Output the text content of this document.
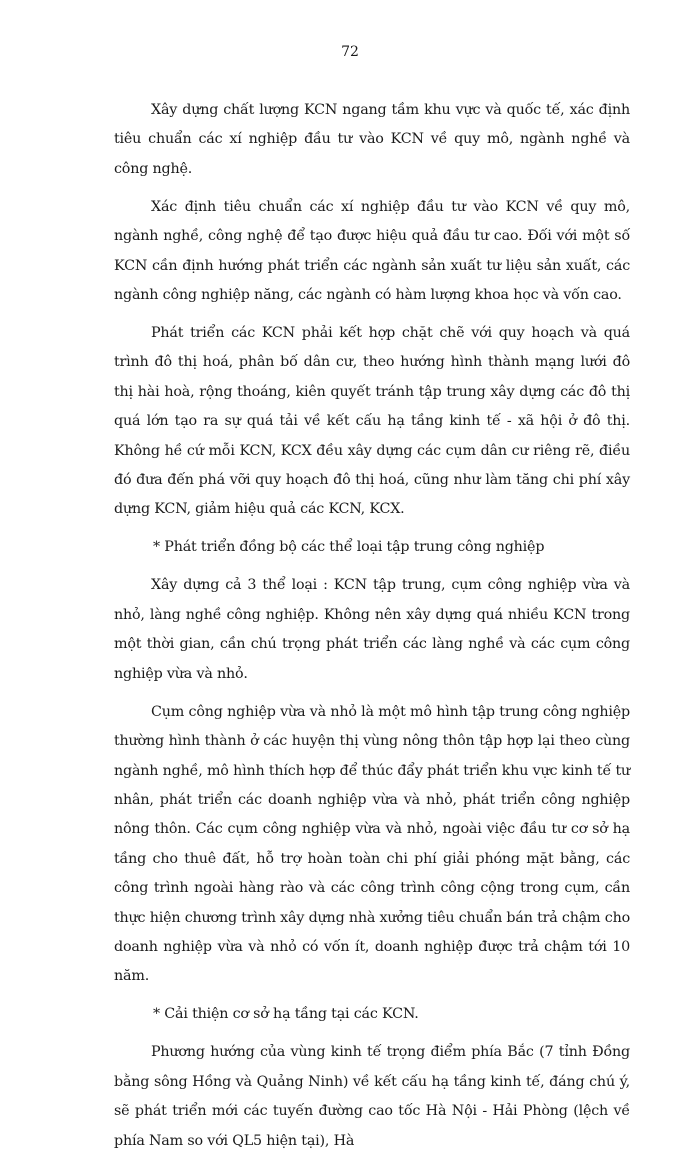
72

Xây dựng chất lượng KCN ngang tầm khu vực và quốc tế, xác định tiêu chuẩn các xí nghiệp đầu tư vào KCN về quy mô, ngành nghề và công nghệ.

Xác định tiêu chuẩn các xí nghiệp đầu tư vào KCN về quy mô, ngành nghề, công nghệ để tạo được hiệu quả đầu tư cao. Đối với một số KCN cần định hướng phát triển các ngành sản xuất tư liệu sản xuất, các ngành công nghiệp năng, các ngành có hàm lượng khoa học và vốn cao.

Phát triển các KCN phải kết hợp chặt chẽ với quy hoạch và quá trình đô thị hoá, phân bố dân cư, theo hướng hình thành mạng lưới đô thị hài hoà, rộng thoáng, kiên quyết tránh tập trung xây dựng các đô thị quá lớn tạo ra sự quá tải về kết cấu hạ tầng kinh tế - xã hội ở đô thị. Không hề cứ mỗi KCN, KCX đều xây dựng các cụm dân cư riêng rẽ, điều đó đưa đến phá vỡi quy hoạch đô thị hoá, cũng như làm tăng chi phí xây dựng KCN, giảm hiệu quả các KCN, KCX.

* Phát triển đồng bộ các thể loại tập trung công nghiệp

Xây dựng cả 3 thể loại : KCN tập trung, cụm công nghiệp vừa và nhỏ, làng nghề công nghiệp. Không nên xây dựng quá nhiều KCN trong một thời gian, cần chú trọng phát triển các làng nghề và các cụm công nghiệp vừa và nhỏ.

Cụm công nghiệp vừa và nhỏ là một mô hình tập trung công nghiệp thường hình thành ở các huyện thị vùng nông thôn tập hợp lại theo cùng ngành nghề, mô hình thích hợp để thúc đẩy phát triển khu vực kinh tế tư nhân, phát triển các doanh nghiệp vừa và nhỏ, phát triển công nghiệp nông thôn. Các cụm công nghiệp vừa và nhỏ, ngoài việc đầu tư cơ sở hạ tầng cho thuê đất, hỗ trợ hoàn toàn chi phí giải phóng mặt bằng, các công trình ngoài hàng rào và các công trình công cộng trong cụm, cần thực hiện chương trình xây dựng nhà xưởng tiêu chuẩn bán trả chậm cho doanh nghiệp vừa và nhỏ có vốn ít, doanh nghiệp được trả chậm tới 10 năm.

* Cải thiện cơ sở hạ tầng tại các KCN.

Phương hướng của vùng kinh tế trọng điểm phía Bắc (7 tỉnh Đồng bằng sông Hồng và Quảng Ninh) về kết cấu hạ tầng kinh tế, đáng chú ý, sẽ phát triển mới các tuyến đường cao tốc Hà Nội - Hải Phòng (lệch về phía Nam so với QL5 hiện tại), Hà
